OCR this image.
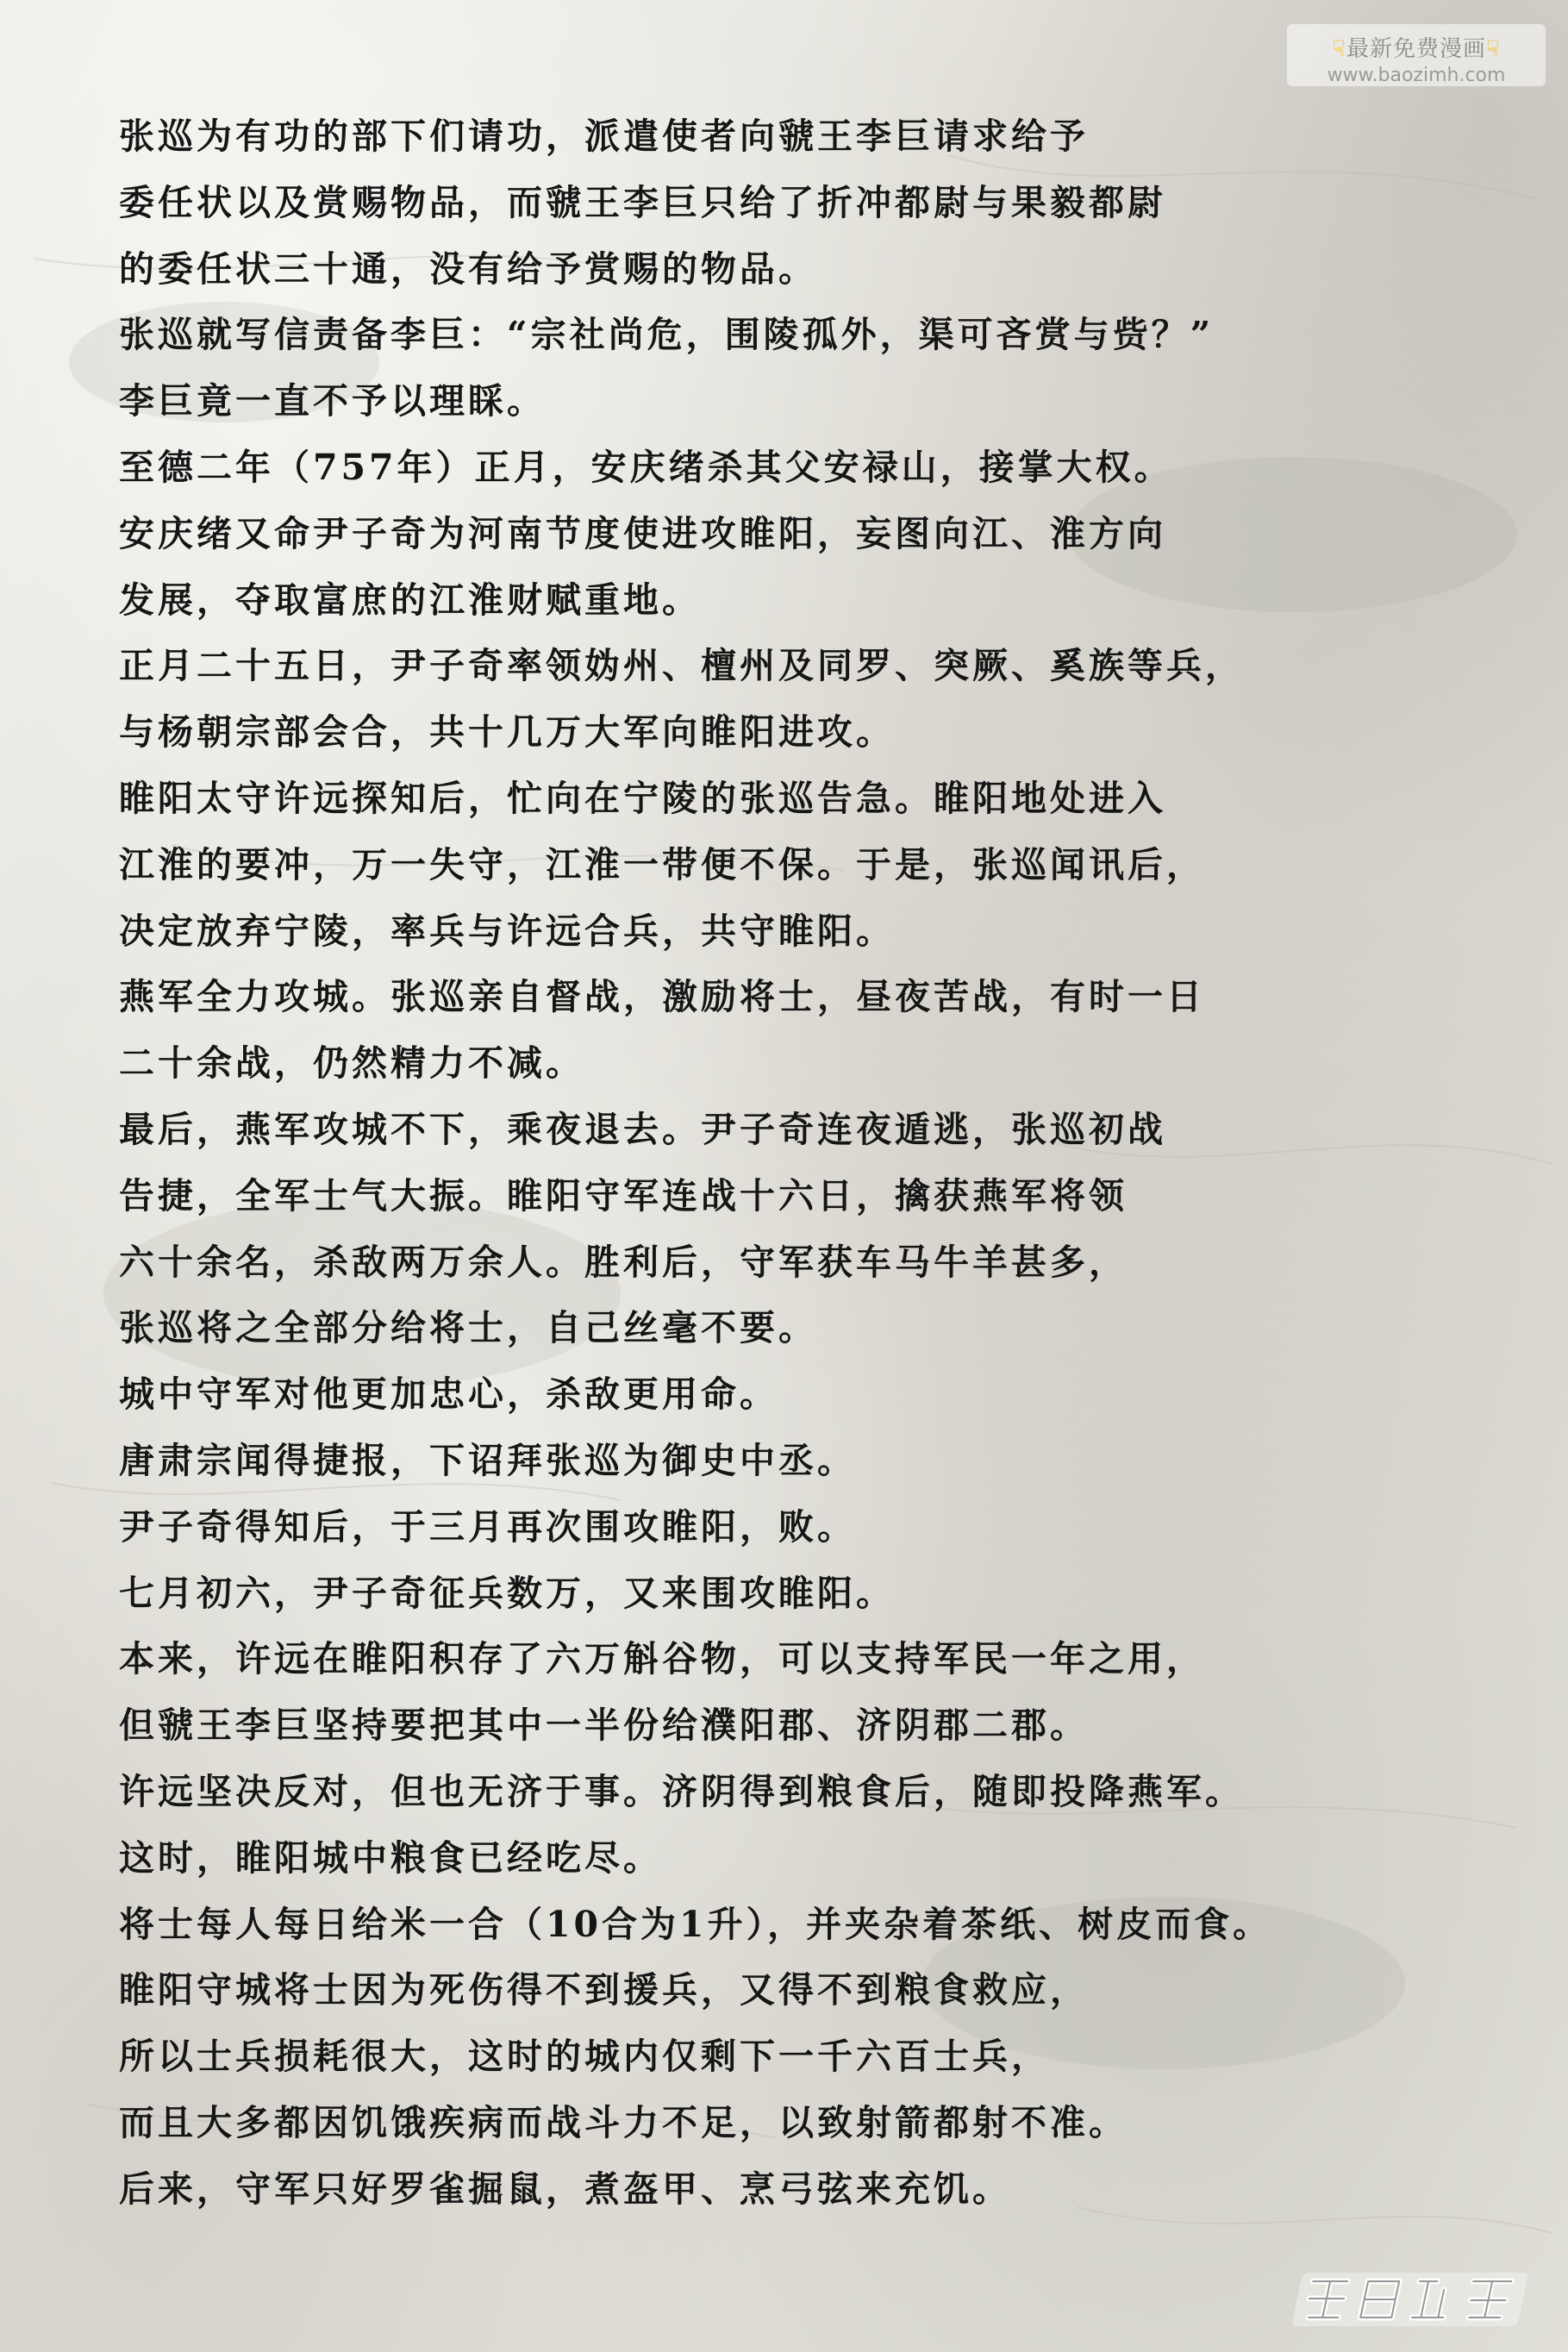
☟最新免费漫画☟
www.baozimh.com
张巡为有功的部下们请功，派遣使者向虢王李巨请求给予
委任状以及赏赐物品，而虢王李巨只给了折冲都尉与果毅都尉
的委任状三十通，没有给予赏赐的物品。
张巡就写信责备李巨：“宗社尚危，围陵孤外，渠可吝赏与赀？”
李巨竟一直不予以理睬。
至德二年（757年）正月，安庆绪杀其父安禄山，接掌大权。
安庆绪又命尹子奇为河南节度使进攻睢阳，妄图向江、淮方向
发展，夺取富庶的江淮财赋重地。
正月二十五日，尹子奇率领妫州、檀州及同罗、突厥、奚族等兵，
与杨朝宗部会合，共十几万大军向睢阳进攻。
睢阳太守许远探知后，忙向在宁陵的张巡告急。睢阳地处进入
江淮的要冲，万一失守，江淮一带便不保。于是，张巡闻讯后，
决定放弃宁陵，率兵与许远合兵，共守睢阳。
燕军全力攻城。张巡亲自督战，激励将士，昼夜苦战，有时一日
二十余战，仍然精力不减。
最后，燕军攻城不下，乘夜退去。尹子奇连夜遁逃，张巡初战
告捷，全军士气大振。睢阳守军连战十六日，擒获燕军将领
六十余名，杀敌两万余人。胜利后，守军获车马牛羊甚多，
张巡将之全部分给将士，自己丝毫不要。
城中守军对他更加忠心，杀敌更用命。
唐肃宗闻得捷报，下诏拜张巡为御史中丞。
尹子奇得知后，于三月再次围攻睢阳，败。
七月初六，尹子奇征兵数万，又来围攻睢阳。
本来，许远在睢阳积存了六万斛谷物，可以支持军民一年之用，
但虢王李巨坚持要把其中一半份给濮阳郡、济阴郡二郡。
许远坚决反对，但也无济于事。济阴得到粮食后，随即投降燕军。
这时，睢阳城中粮食已经吃尽。
将士每人每日给米一合（10合为1升），并夹杂着茶纸、树皮而食。
睢阳守城将士因为死伤得不到援兵，又得不到粮食救应，
所以士兵损耗很大，这时的城内仅剩下一千六百士兵，
而且大多都因饥饿疾病而战斗力不足，以致射箭都射不准。
后来，守军只好罗雀掘鼠，煮盔甲、烹弓弦来充饥。
